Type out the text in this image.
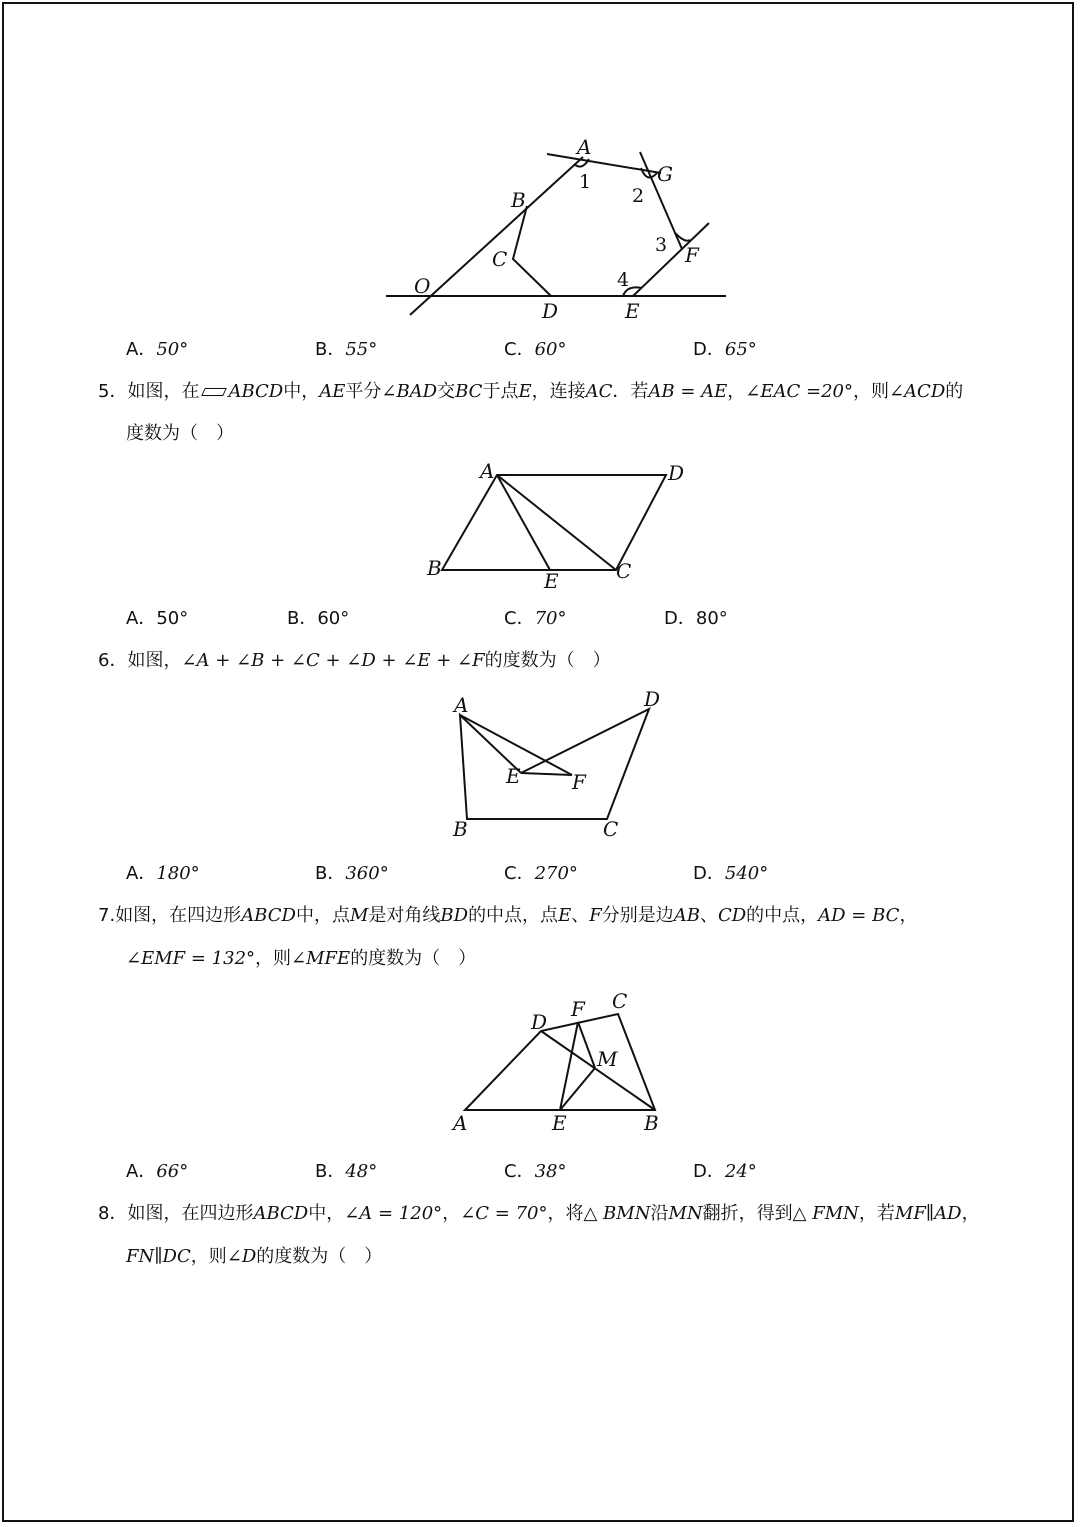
A
G
B
C	F
O
D	E
1
2
3
4
A．50°	B．55°	C．60°	D．65°
5．如图，在 ABCD中，AE平分∠BAD交BC于点E，连接AC．若AB = AE，∠EAC =20°，则∠ACD的
度数为（　）
A	D
B
E	C
A．50°	B．60°	C．70°	D．80°
6．如图，∠A + ∠B + ∠C + ∠D + ∠E + ∠F的度数为（　）
A	D
E	F
B	C
A．180°	B．360°	C．270°	D．540°
7.如图，在四边形ABCD中，点M是对角线BD的中点，点E、F分别是边AB、CD的中点，AD = BC，
∠EMF = 132°，则∠MFE的度数为（　）
F C
D
M
A	E	B
A．66°	B．48°	C．38°	D．24°
8．如图，在四边形ABCD中，∠A = 120°，∠C = 70°，将△ BMN沿MN翻折，得到△ FMN，若MF∥AD，
FN∥DC，则∠D的度数为（　）
